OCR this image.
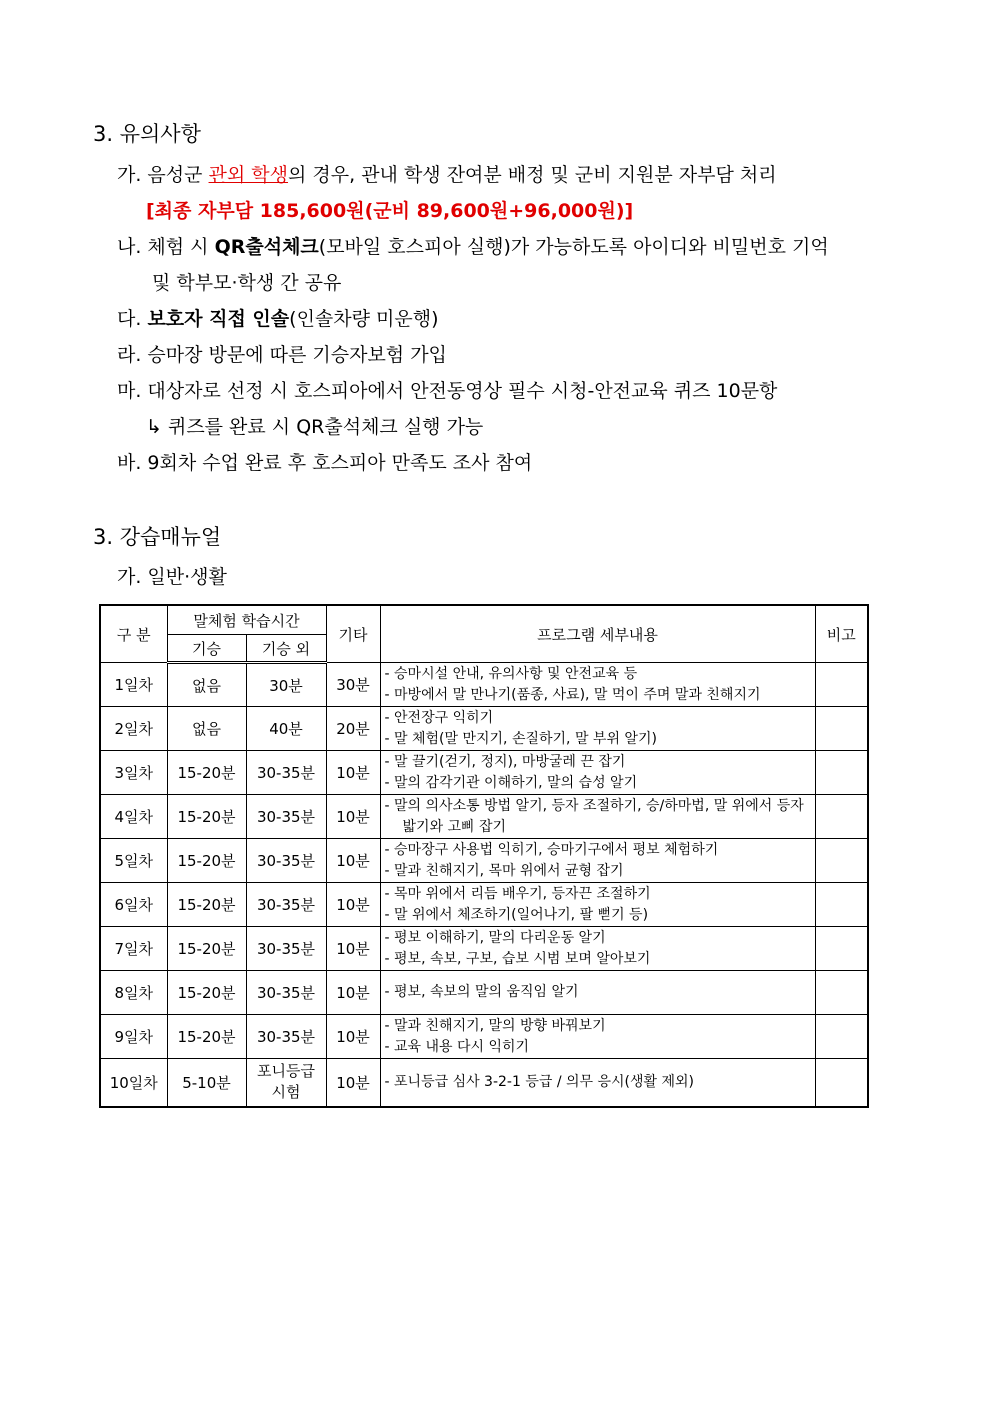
3. 유의사항
가. 음성군 관외 학생의 경우, 관내 학생 잔여분 배정 및 군비 지원분 자부담 처리
[최종 자부담 185,600원(군비 89,600원+96,000원)]
나. 체험 시 QR출석체크(모바일 호스피아 실행)가 가능하도록 아이디와 비밀번호 기억
및 학부모·학생 간 공유
다. 보호자 직접 인솔(인솔차량 미운행)
라. 승마장 방문에 따른 기승자보험 가입
마. 대상자로 선정 시 호스피아에서 안전동영상 필수 시청-안전교육 퀴즈 10문항
↳ 퀴즈를 완료 시 QR출석체크 실행 가능
바. 9회차 수업 완료 후 호스피아 만족도 조사 참여
3. 강습매뉴얼
가. 일반·생활
구 분	말체험 학습시간		기타	프로그램 세부내용	비고
	기승	기승 외			
1일차	없음	30분	30분	- 승마시설 안내, 유의사항 및 안전교육 등
- 마방에서 말 만나기(품종, 사료), 말 먹이 주며 말과 친해지기	

2일차	없음	40분	20분	- 안전장구 익히기
- 말 체험(말 만지기, 손질하기, 말 부위 알기)	

3일차	15-20분	30-35분	10분	- 말 끌기(걷기, 정지), 마방굴레 끈 잡기
- 말의 감각기관 이해하기, 말의 습성 알기	

4일차	15-20분	30-35분	10분	- 말의 의사소통 방법 알기, 등자 조절하기, 승/하마법, 말 위에서 등자
밟기와 고삐 잡기	

5일차	15-20분	30-35분	10분	- 승마장구 사용법 익히기, 승마기구에서 평보 체험하기
- 말과 친해지기, 목마 위에서 균형 잡기	

6일차	15-20분	30-35분	10분	- 목마 위에서 리듬 배우기, 등자끈 조절하기
- 말 위에서 체조하기(일어나기, 팔 뻗기 등)	

7일차	15-20분	30-35분	10분	- 평보 이해하기, 말의 다리운동 알기
- 평보, 속보, 구보, 습보 시범 보며 알아보기	

8일차	15-20분	30-35분	10분	- 평보, 속보의 말의 움직임 알기	

9일차	15-20분	30-35분	10분	- 말과 친해지기, 말의 방향 바꿔보기
- 교육 내용 다시 익히기	

10일차	5-10분	포니등급 시험	10분	- 포니등급 심사 3-2-1 등급 / 의무 응시(생활 제외)	
